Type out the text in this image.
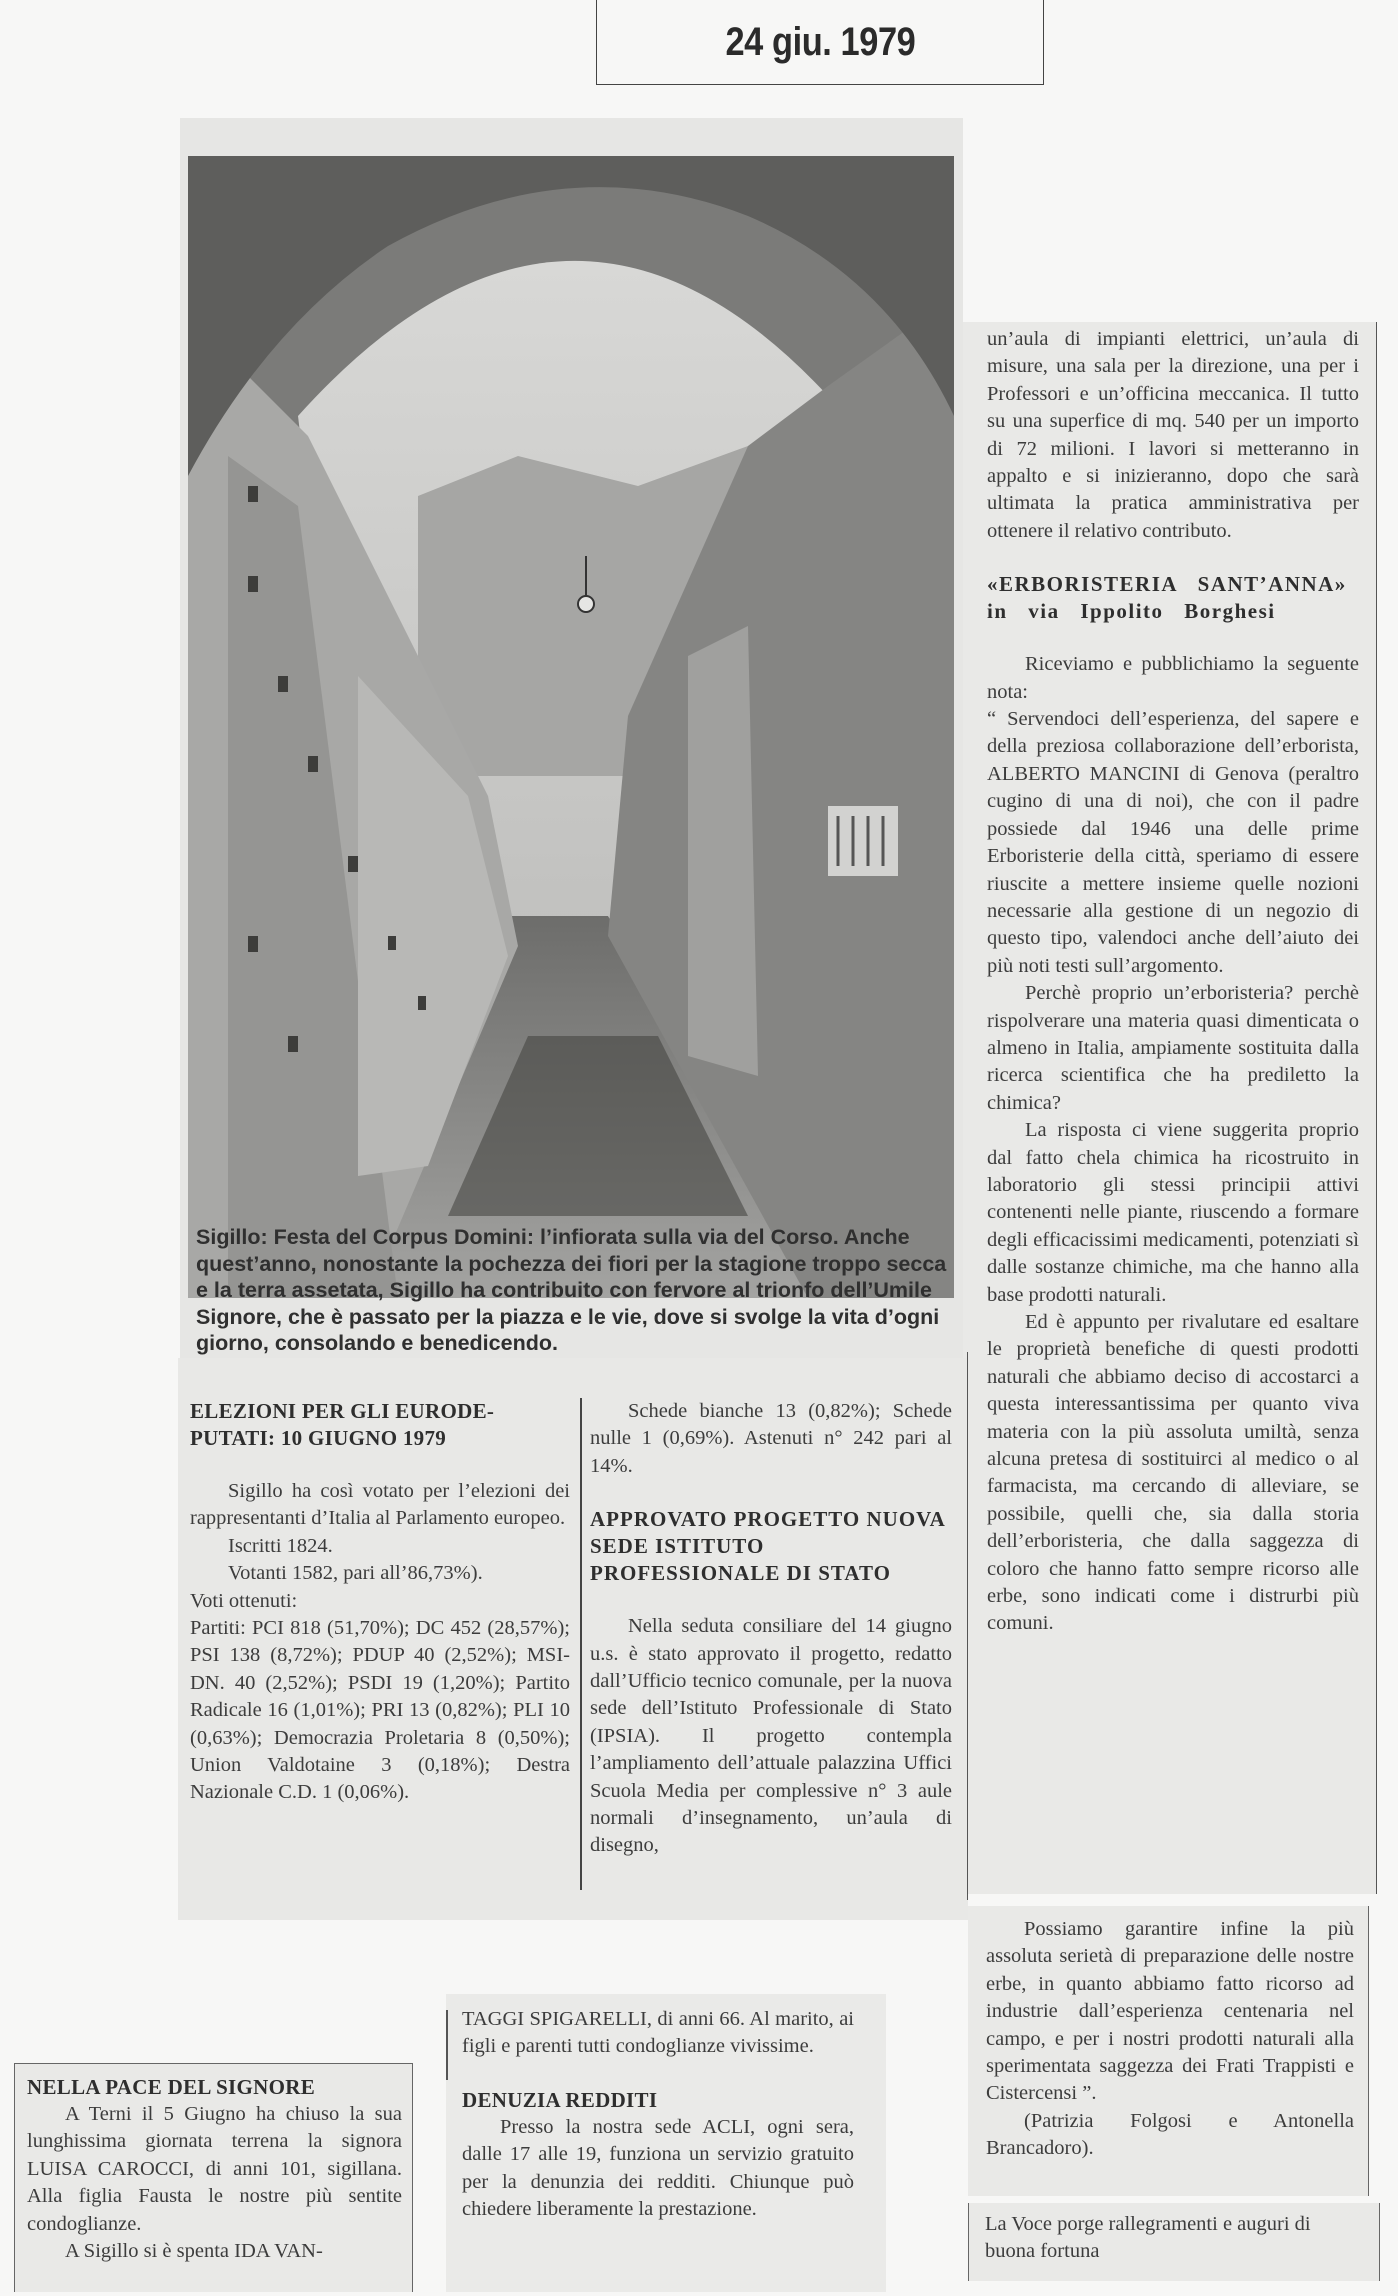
24 giu. 1979

Sigillo: Festa del Corpus Domini: l’infiorata sulla via del Corso. Anche quest’anno, nonostante la pochezza dei fiori per la stagione troppo secca e la terra assetata, Sigillo ha contribuito con fervore al trionfo dell’Umile Signore, che è passato per la piazza e le vie, dove si svolge la vita d’ogni giorno, consolando e benedicendo.

un’aula di impianti elettrici, un’aula di misure, una sala per la direzione, una per i Professori e un’officina meccanica. Il tutto su una superfice di mq. 540 per un importo di 72 milioni. I lavori si metteranno in appalto e si inizieranno, dopo che sarà ultimata la pratica amministrativa per ottenere il relativo contributo.

«ERBORISTERIA SANT’ANNA» in via Ippolito Borghesi

Riceviamo e pubblichiamo la seguente nota:

“ Servendoci dell’esperienza, del sapere e della preziosa collaborazione dell’erborista, ALBERTO MANCINI di Genova (peraltro cugino di una di noi), che con il padre possiede dal 1946 una delle prime Erboristerie della città, speriamo di essere riuscite a mettere insieme quelle nozioni necessarie alla gestione di un negozio di questo tipo, valendoci anche dell’aiuto dei più noti testi sull’argomento.

Perchè proprio un’erboristeria? perchè rispolverare una materia quasi dimenticata o almeno in Italia, ampiamente sostituita dalla ricerca scientifica che ha prediletto la chimica?

La risposta ci viene suggerita proprio dal fatto chela chimica ha ricostruito in laboratorio gli stessi principii attivi contenenti nelle piante, riuscendo a formare degli efficacissimi medicamenti, potenziati sì dalle sostanze chimiche, ma che hanno alla base prodotti naturali.

Ed è appunto per rivalutare ed esaltare le proprietà benefiche di questi prodotti naturali che abbiamo deciso di accostarci a questa interessantissima per quanto viva materia con la più assoluta umiltà, senza alcuna pretesa di sostituirci al medico o al farmacista, ma cercando di alleviare, se possibile, quelli che, sia dalla storia dell’erboristeria, che dalla saggezza di coloro che hanno fatto sempre ricorso alle erbe, sono indicati come i distrurbi più comuni.

Possiamo garantire infine la più assoluta serietà di preparazione delle nostre erbe, in quanto abbiamo fatto ricorso ad industrie dall’esperienza centenaria nel campo, e per i nostri prodotti naturali alla sperimentata saggezza dei Frati Trappisti e Cistercensi ”.

(Patrizia Folgosi e Antonella Brancadoro).

La Voce porge rallegramenti e auguri di buona fortuna

ELEZIONI PER GLI EURODE-PUTATI: 10 GIUGNO 1979

Sigillo ha così votato per l’elezioni dei rappresentanti d’Italia al Parlamento europeo.

Iscritti 1824.

Votanti 1582, pari all’86,73%).

Voti ottenuti:

Partiti: PCI 818 (51,70%); DC 452 (28,57%); PSI 138 (8,72%); PDUP 40 (2,52%); MSI-DN. 40 (2,52%); PSDI 19 (1,20%); Partito Radicale 16 (1,01%); PRI 13 (0,82%); PLI 10 (0,63%); Democrazia Proletaria 8 (0,50%); Union Valdotaine 3 (0,18%); Destra Nazionale C.D. 1 (0,06%).

Schede bianche 13 (0,82%); Schede nulle 1 (0,69%). Astenuti n° 242 pari al 14%.

APPROVATO PROGETTO NUOVA SEDE ISTITUTO PROFESSIONALE DI STATO

Nella seduta consiliare del 14 giugno u.s. è stato approvato il progetto, redatto dall’Ufficio tecnico comunale, per la nuova sede dell’Istituto Professionale di Stato (IPSIA). Il progetto contempla l’ampliamento dell’attuale palazzina Uffici Scuola Media per complessive n° 3 aule normali d’insegnamento, un’aula di disegno,

NELLA PACE DEL SIGNORE

A Terni il 5 Giugno ha chiuso la sua lunghissima giornata terrena la signora LUISA CAROCCI, di anni 101, sigillana. Alla figlia Fausta le nostre più sentite condoglianze.

A Sigillo si è spenta IDA VAN-

TAGGI SPIGARELLI, di anni 66. Al marito, ai figli e parenti tutti condoglianze vivissime.

DENUZIA REDDITI

Presso la nostra sede ACLI, ogni sera, dalle 17 alle 19, funziona un servizio gratuito per la denunzia dei redditi. Chiunque può chiedere liberamente la prestazione.
